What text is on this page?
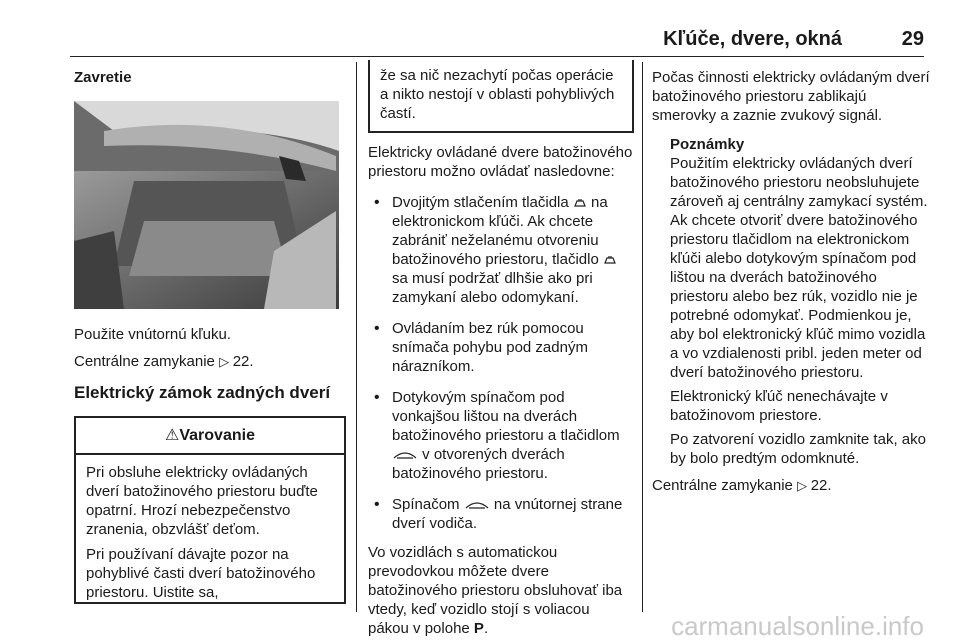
Kľúče, dvere, okná	29
Zavretie

Použite vnútornú kľuku.

Centrálne zamykanie ▷ 22.

Elektrický zámok zadných dverí
⚠Varovanie

Pri obsluhe elektricky ovládaných dverí batožinového priestoru buďte opatrní. Hrozí nebezpečenstvo zranenia, obzvlášť deťom.

Pri používaní dávajte pozor na pohyblivé časti dverí batožinového priestoru. Uistite sa,

že sa nič nezachytí počas operácie a nikto nestojí v oblasti pohyblivých častí.

Elektricky ovládané dvere batožinového priestoru možno ovládať nasledovne:

• Dvojitým stlačením tlačidla  na elektronickom kľúči. Ak chcete zabrániť neželanému otvoreniu batožinového priestoru, tlačidlo  sa musí podržať dlhšie ako pri zamykaní alebo odomykaní.
• Ovládaním bez rúk pomocou snímača pohybu pod zadným nárazníkom.
• Dotykovým spínačom pod vonkajšou lištou na dverách batožinového priestoru a tlačidlom  v otvorených dverách batožinového priestoru.
• Spínačom  na vnútornej strane dverí vodiča.

Vo vozidlách s automatickou prevodovkou môžete dvere batožinového priestoru obsluhovať iba vtedy, keď vozidlo stojí s voliacou pákou v polohe P.

Počas činnosti elektricky ovládaným dverí batožinového priestoru zablikajú smerovky a zaznie zvukový signál.

Poznámky

Použitím elektricky ovládaných dverí batožinového priestoru neobsluhujete zároveň aj centrálny zamykací systém. Ak chcete otvoriť dvere batožinového priestoru tlačidlom na elektronickom kľúči alebo dotykovým spínačom pod lištou na dverách batožinového priestoru alebo bez rúk, vozidlo nie je potrebné odomykať. Podmienkou je, aby bol elektronický kľúč mimo vozidla a vo vzdialenosti pribl. jeden meter od dverí batožinového priestoru.

Elektronický kľúč nenechávajte v batožinovom priestore.

Po zatvorení vozidlo zamknite tak, ako by bolo predtým odomknuté.

Centrálne zamykanie ▷ 22.

carmanualsonline.info
